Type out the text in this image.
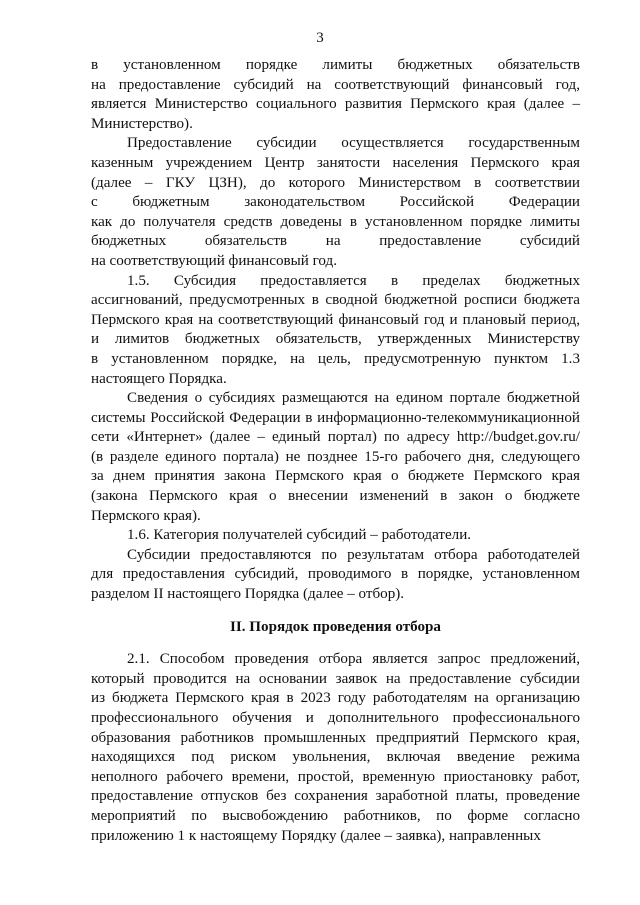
3
в установленном порядке лимиты бюджетных обязательств
на предоставление субсидий на соответствующий финансовый год,
является Министерство социального развития Пермского края (далее –
Министерство).
Предоставление субсидии осуществляется государственным
казенным учреждением Центр занятости населения Пермского края
(далее – ГКУ ЦЗН), до которого Министерством в соответствии
с бюджетным законодательством Российской Федерации
как до получателя средств доведены в установленном порядке лимиты
бюджетных обязательств на предоставление субсидий
на соответствующий финансовый год.
1.5. Субсидия предоставляется в пределах бюджетных
ассигнований, предусмотренных в сводной бюджетной росписи бюджета
Пермского края на соответствующий финансовый год и плановый период,
и лимитов бюджетных обязательств, утвержденных Министерству
в установленном порядке, на цель, предусмотренную пунктом 1.3
настоящего Порядка.
Сведения о субсидиях размещаются на едином портале бюджетной
системы Российской Федерации в информационно-телекоммуникационной
сети «Интернет» (далее – единый портал) по адресу http://budget.gov.ru/
(в разделе единого портала) не позднее 15-го рабочего дня, следующего
за днем принятия закона Пермского края о бюджете Пермского края
(закона Пермского края о внесении изменений в закон о бюджете
Пермского края).
1.6. Категория получателей субсидий – работодатели.
Субсидии предоставляются по результатам отбора работодателей
для предоставления субсидий, проводимого в порядке, установленном
разделом II настоящего Порядка (далее – отбор).
II. Порядок проведения отбора
2.1. Способом проведения отбора является запрос предложений,
который проводится на основании заявок на предоставление субсидии
из бюджета Пермского края в 2023 году работодателям на организацию
профессионального обучения и дополнительного профессионального
образования работников промышленных предприятий Пермского края,
находящихся под риском увольнения, включая введение режима
неполного рабочего времени, простой, временную приостановку работ,
предоставление отпусков без сохранения заработной платы, проведение
мероприятий по высвобождению работников, по форме согласно
приложению 1 к настоящему Порядку (далее – заявка), направленных
